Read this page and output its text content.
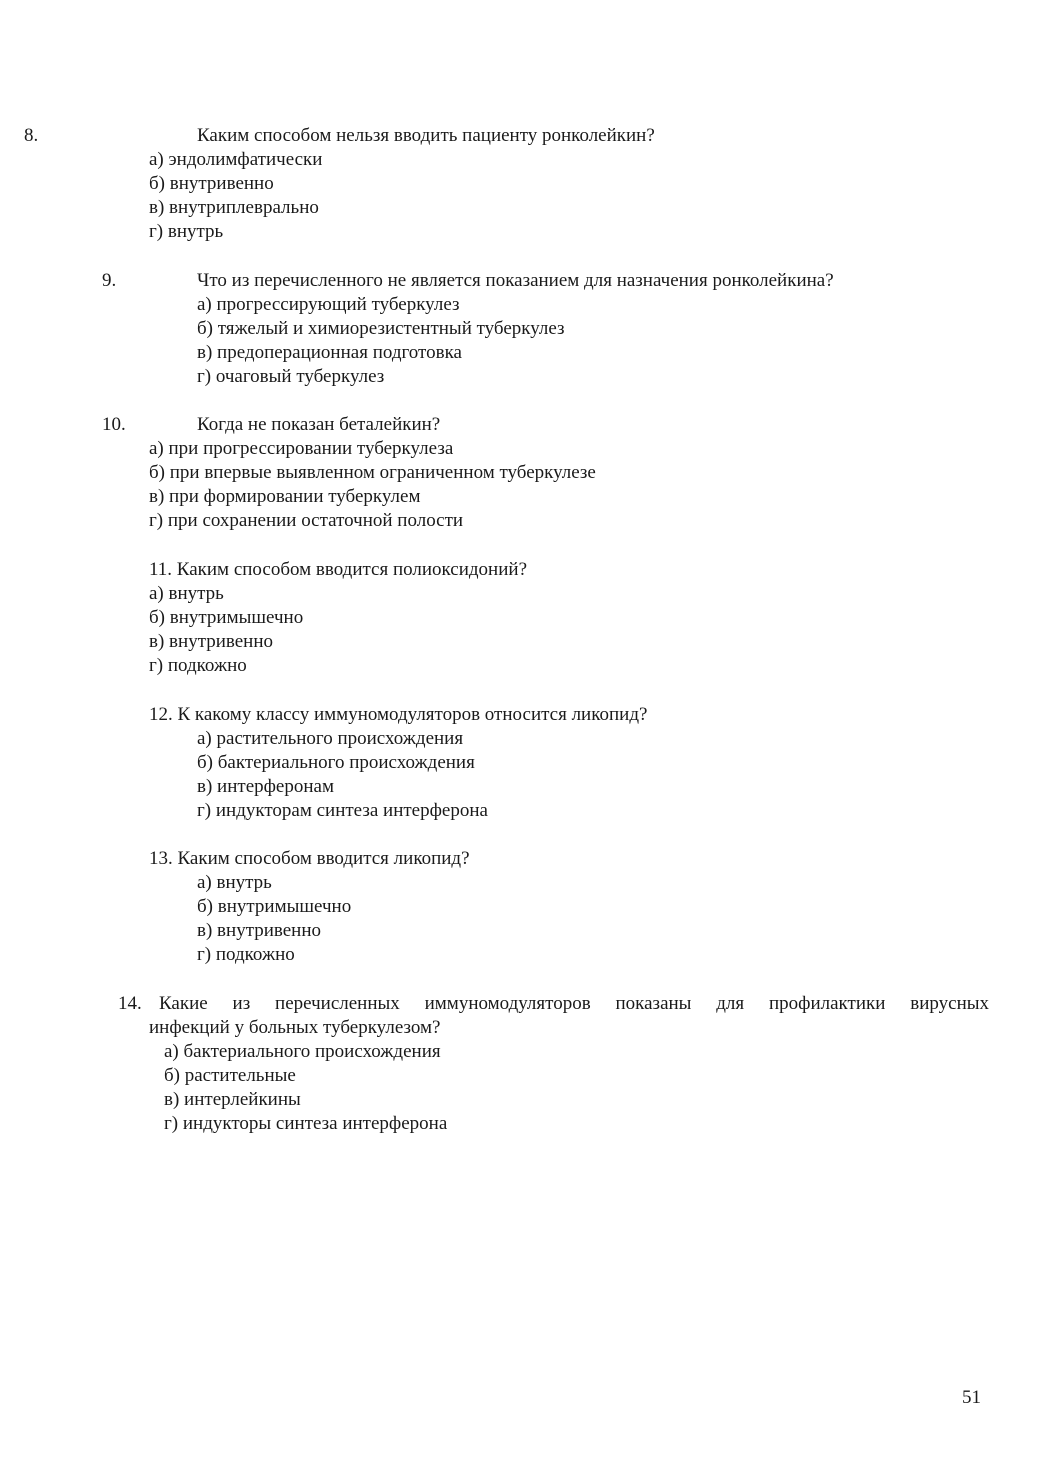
8.	Каким способом нельзя вводить пациенту ронколейкин?
а) эндолимфатически
б) внутривенно
в) внутриплеврально
г) внутрь
9.	Что из перечисленного не является показанием для назначения ронколейкина?
а) прогрессирующий туберкулез
б) тяжелый и химиорезистентный туберкулез
в) предоперационная подготовка
г) очаговый туберкулез
10.	Когда не показан беталейкин?
а) при прогрессировании туберкулеза
б) при впервые выявленном ограниченном туберкулезе
в) при формировании туберкулем
г) при сохранении остаточной полости
11. Каким способом вводится полиоксидоний?
а) внутрь
б) внутримышечно
в) внутривенно
г) подкожно
12. К какому классу иммуномодуляторов относится ликопид?
а) растительного происхождения
б) бактериального происхождения
в) интерферонам
г) индукторам синтеза интерферона
13. Каким способом вводится ликопид?
а) внутрь
б) внутримышечно
в) внутривенно
г) подкожно
14. Какие из перечисленных иммуномодуляторов показаны для профилактики вирусных
инфекций у больных туберкулезом?
а) бактериального происхождения
б) растительные
в) интерлейкины
г) индукторы синтеза интерферона
51
